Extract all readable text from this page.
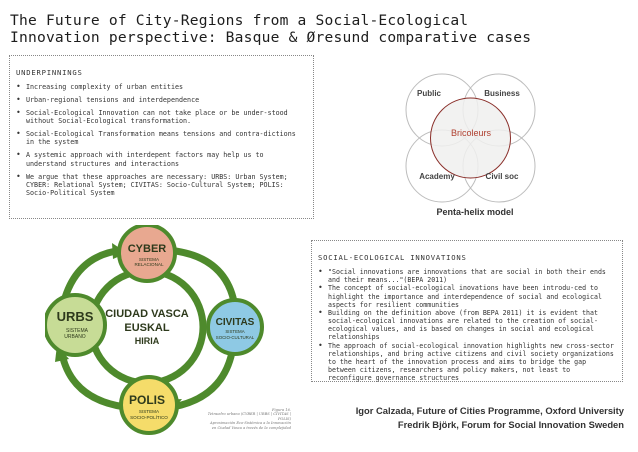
The Future of City-Regions from a Social-Ecological
Innovation perspective: Basque & Øresund comparative cases
UNDERPINNINGS
• Increasing complexity of urban entities
• Urban-regional tensions and interdependence
• Social-Ecological Innovation can not take place or be under-stood without Social-Ecological transformation.
• Social-Ecological Transformation means tensions and contra-dictions in the system
• A systemic approach with interdepent factors may help us to understand structures and interactions
• We argue that these approaches are necessary: URBS: Urban System; CYBER: Relational System; CIVITAS: Socio-Cultural System; POLIS: Socio-Political System
Public	Business
Academy	Civil soc
Bricoleurs
Penta-helix model
CYBER
SISTEMA
RELACIONAL
URBS
SISTEMA
URBANO
CIVITAS
SISTEMA
SOCIO-CULTURAL
POLIS
SISTEMA
SOCIO-POLÍTICO
CIUDAD VASCA
EUSKAL
HIRIA
Figura 16.
Tetraedro urbano (CYBER | URBS | CIVITAS | POLIS)
Aproximación Eco-Sistémica a la Innovación
en Ciudad Vasca a través de la complejidad
SOCIAL-ECOLOGICAL INNOVATIONS
• "Social innovations are innovations that are social in both their ends and their means..."(BEPA 2011)
• The concept of social-ecological inovations have been introdu-ced to highlight the importance and interdependence of social and ecological aspects for resilient communities
• Building on the definition above (from BEPA 2011) it is evident that social-ecological innovations are related to the creation of social-ecological values, and is based on changes in social and ecological relationships
• The approach of social-ecological innovation highlights new cross-sector relationships, and bring active citizens and civil society organizations to the heart of the innovation process and aims to bridge the gap between citizens, researchers and policy makers, not least to reconfigure governance structures
Igor Calzada, Future of Cities Programme, Oxford University
Fredrik Björk, Forum for Social Innovation Sweden
